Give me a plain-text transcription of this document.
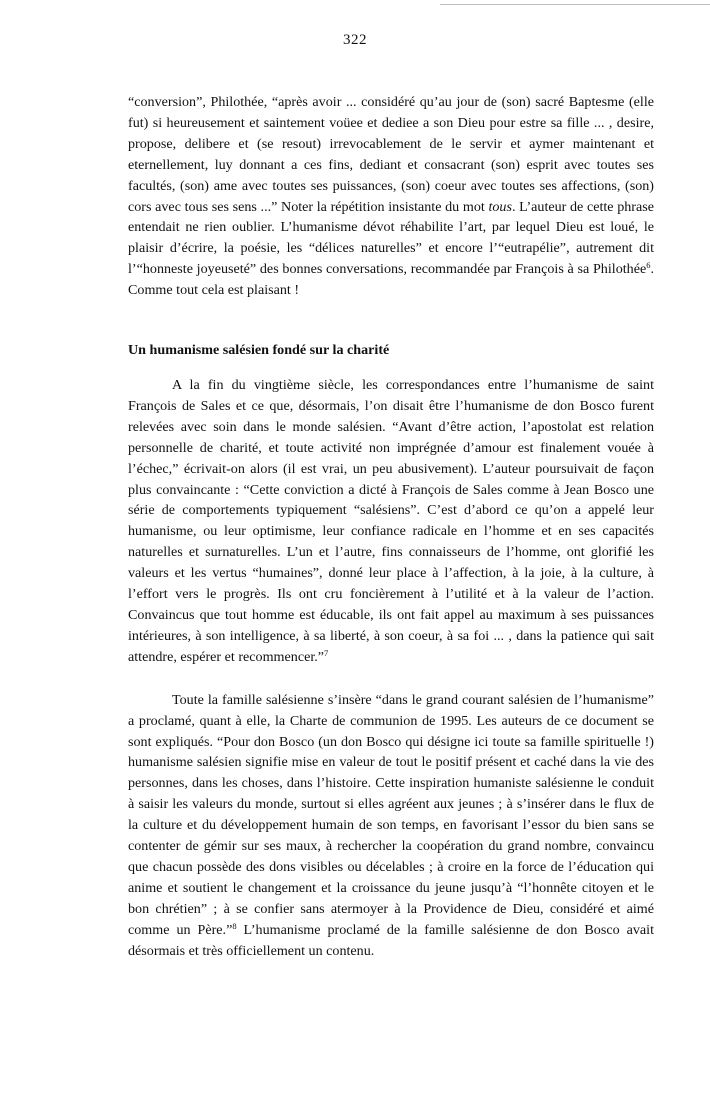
322

“conversion”, Philothée, “après avoir ... considéré qu’au jour de (son) sacré Baptesme (elle fut) si heureusement et saintement voüee et dediee a son Dieu pour estre sa fille ... , desire, propose, delibere et (se resout) irrevocablement de le servir et aymer maintenant et eternellement, luy donnant a ces fins, dediant et consacrant (son) esprit avec toutes ses facultés, (son) ame avec toutes ses puissances, (son) coeur avec toutes ses affections, (son) cors avec tous ses sens ...” Noter la répétition insistante du mot tous. L’auteur de cette phrase entendait ne rien oublier. L’humanisme dévot réhabilite l’art, par lequel Dieu est loué, le plaisir d’écrire, la poésie, les “délices naturelles” et encore l’“eutrapélie”, autrement dit l’“honneste joyeuseté” des bonnes conversations, recommandée par François à sa Philothée$^6$. Comme tout cela est plaisant !

Un humanisme salésien fondé sur la charité

A la fin du vingtième siècle, les correspondances entre l’humanisme de saint François de Sales et ce que, désormais, l’on disait être l’humanisme de don Bosco furent relevées avec soin dans le monde salésien. “Avant d’être action, l’apostolat est relation personnelle de charité, et toute activité non imprégnée d’amour est finalement vouée à l’échec,” écrivait-on alors (il est vrai, un peu abusivement). L’auteur poursuivait de façon plus convaincante : “Cette conviction a dicté à François de Sales comme à Jean Bosco une série de comportements typiquement “salésiens”. C’est d’abord ce qu’on a appelé leur humanisme, ou leur optimisme, leur confiance radicale en l’homme et en ses capacités naturelles et surnaturelles. L’un et l’autre, fins connaisseurs de l’homme, ont glorifié les valeurs et les vertus “humaines”, donné leur place à l’affection, à la joie, à la culture, à l’effort vers le progrès. Ils ont cru foncièrement à l’utilité et à la valeur de l’action. Convaincus que tout homme est éducable, ils ont fait appel au maximum à ses puissances intérieures, à son intelligence, à sa liberté, à son coeur, à sa foi ... , dans la patience qui sait attendre, espérer et recommencer.”$^7$

Toute la famille salésienne s’insère “dans le grand courant salésien de l’humanisme” a proclamé, quant à elle, la Charte de communion de 1995. Les auteurs de ce document se sont expliqués. “Pour don Bosco (un don Bosco qui désigne ici toute sa famille spirituelle !) humanisme salésien signifie mise en valeur de tout le positif présent et caché dans la vie des personnes, dans les choses, dans l’histoire. Cette inspiration humaniste salésienne le conduit à saisir les valeurs du monde, surtout si elles agréent aux jeunes ; à s’insérer dans le flux de la culture et du développement humain de son temps, en favorisant l’essor du bien sans se contenter de gémir sur ses maux, à rechercher la coopération du grand nombre, convaincu que chacun possède des dons visibles ou décelables ; à croire en la force de l’éducation qui anime et soutient le changement et la croissance du jeune jusqu’à “l’honnête citoyen et le bon chrétien” ; à se confier sans atermoyer à la Providence de Dieu, considéré et aimé comme un Père.”$^8$ L’humanisme proclamé de la famille salésienne de don Bosco avait désormais et très officiellement un contenu.
